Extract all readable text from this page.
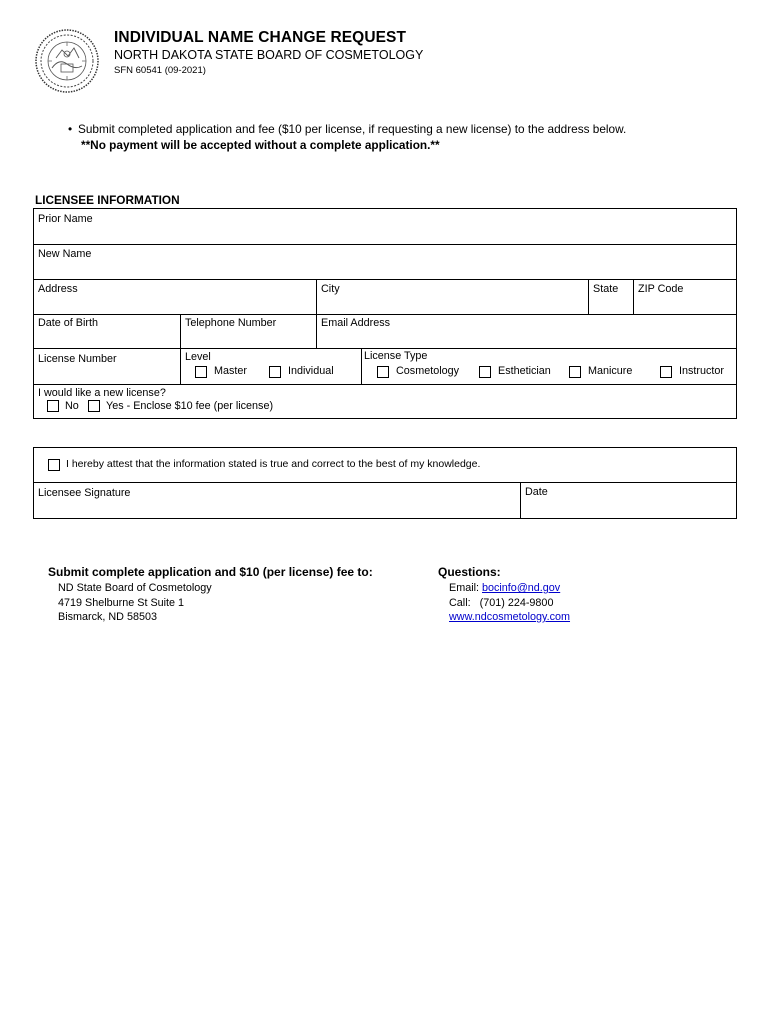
INDIVIDUAL NAME CHANGE REQUEST
NORTH DAKOTA STATE BOARD OF COSMETOLOGY
SFN 60541 (09-2021)
• Submit completed application and fee ($10 per license, if requesting a new license) to the address below.
**No payment will be accepted without a complete application.**
LICENSEE INFORMATION
Prior Name
New Name
Address	City	State ZIP Code
Date of Birth	Telephone Number	Email Address
License Number	Level
Master	Individual
License Type
Cosmetology	Esthetician	Manicure	Instructor
I would like a new license?
No	Yes - Enclose $10 fee (per license)
I hereby attest that the information stated is true and correct to the best of my knowledge.
Licensee Signature	Date
Submit complete application and $10 (per license) fee to:
ND State Board of Cosmetology
4719 Shelburne St Suite 1
Bismarck, ND 58503
Questions:
Email: bocinfo@nd.gov
Call: (701) 224-9800
www.ndcosmetology.com
